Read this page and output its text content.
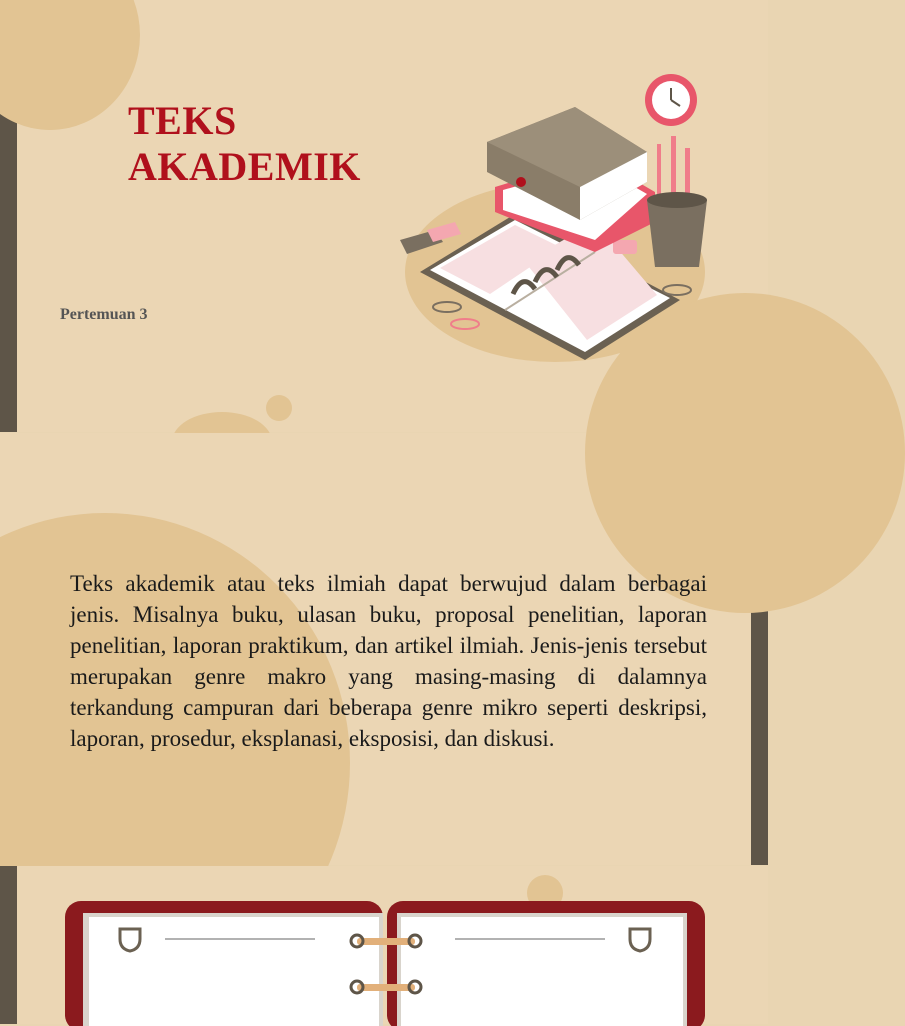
TEKS
AKADEMIK
Pertemuan 3

Teks akademik atau teks ilmiah dapat berwujud dalam berbagai jenis. Misalnya buku, ulasan buku, proposal penelitian, laporan penelitian, laporan praktikum, dan artikel ilmiah. Jenis-jenis tersebut merupakan genre makro yang masing-masing di dalamnya terkandung campuran dari beberapa genre mikro seperti deskripsi, laporan, prosedur, eksplanasi, eksposisi, dan diskusi.
